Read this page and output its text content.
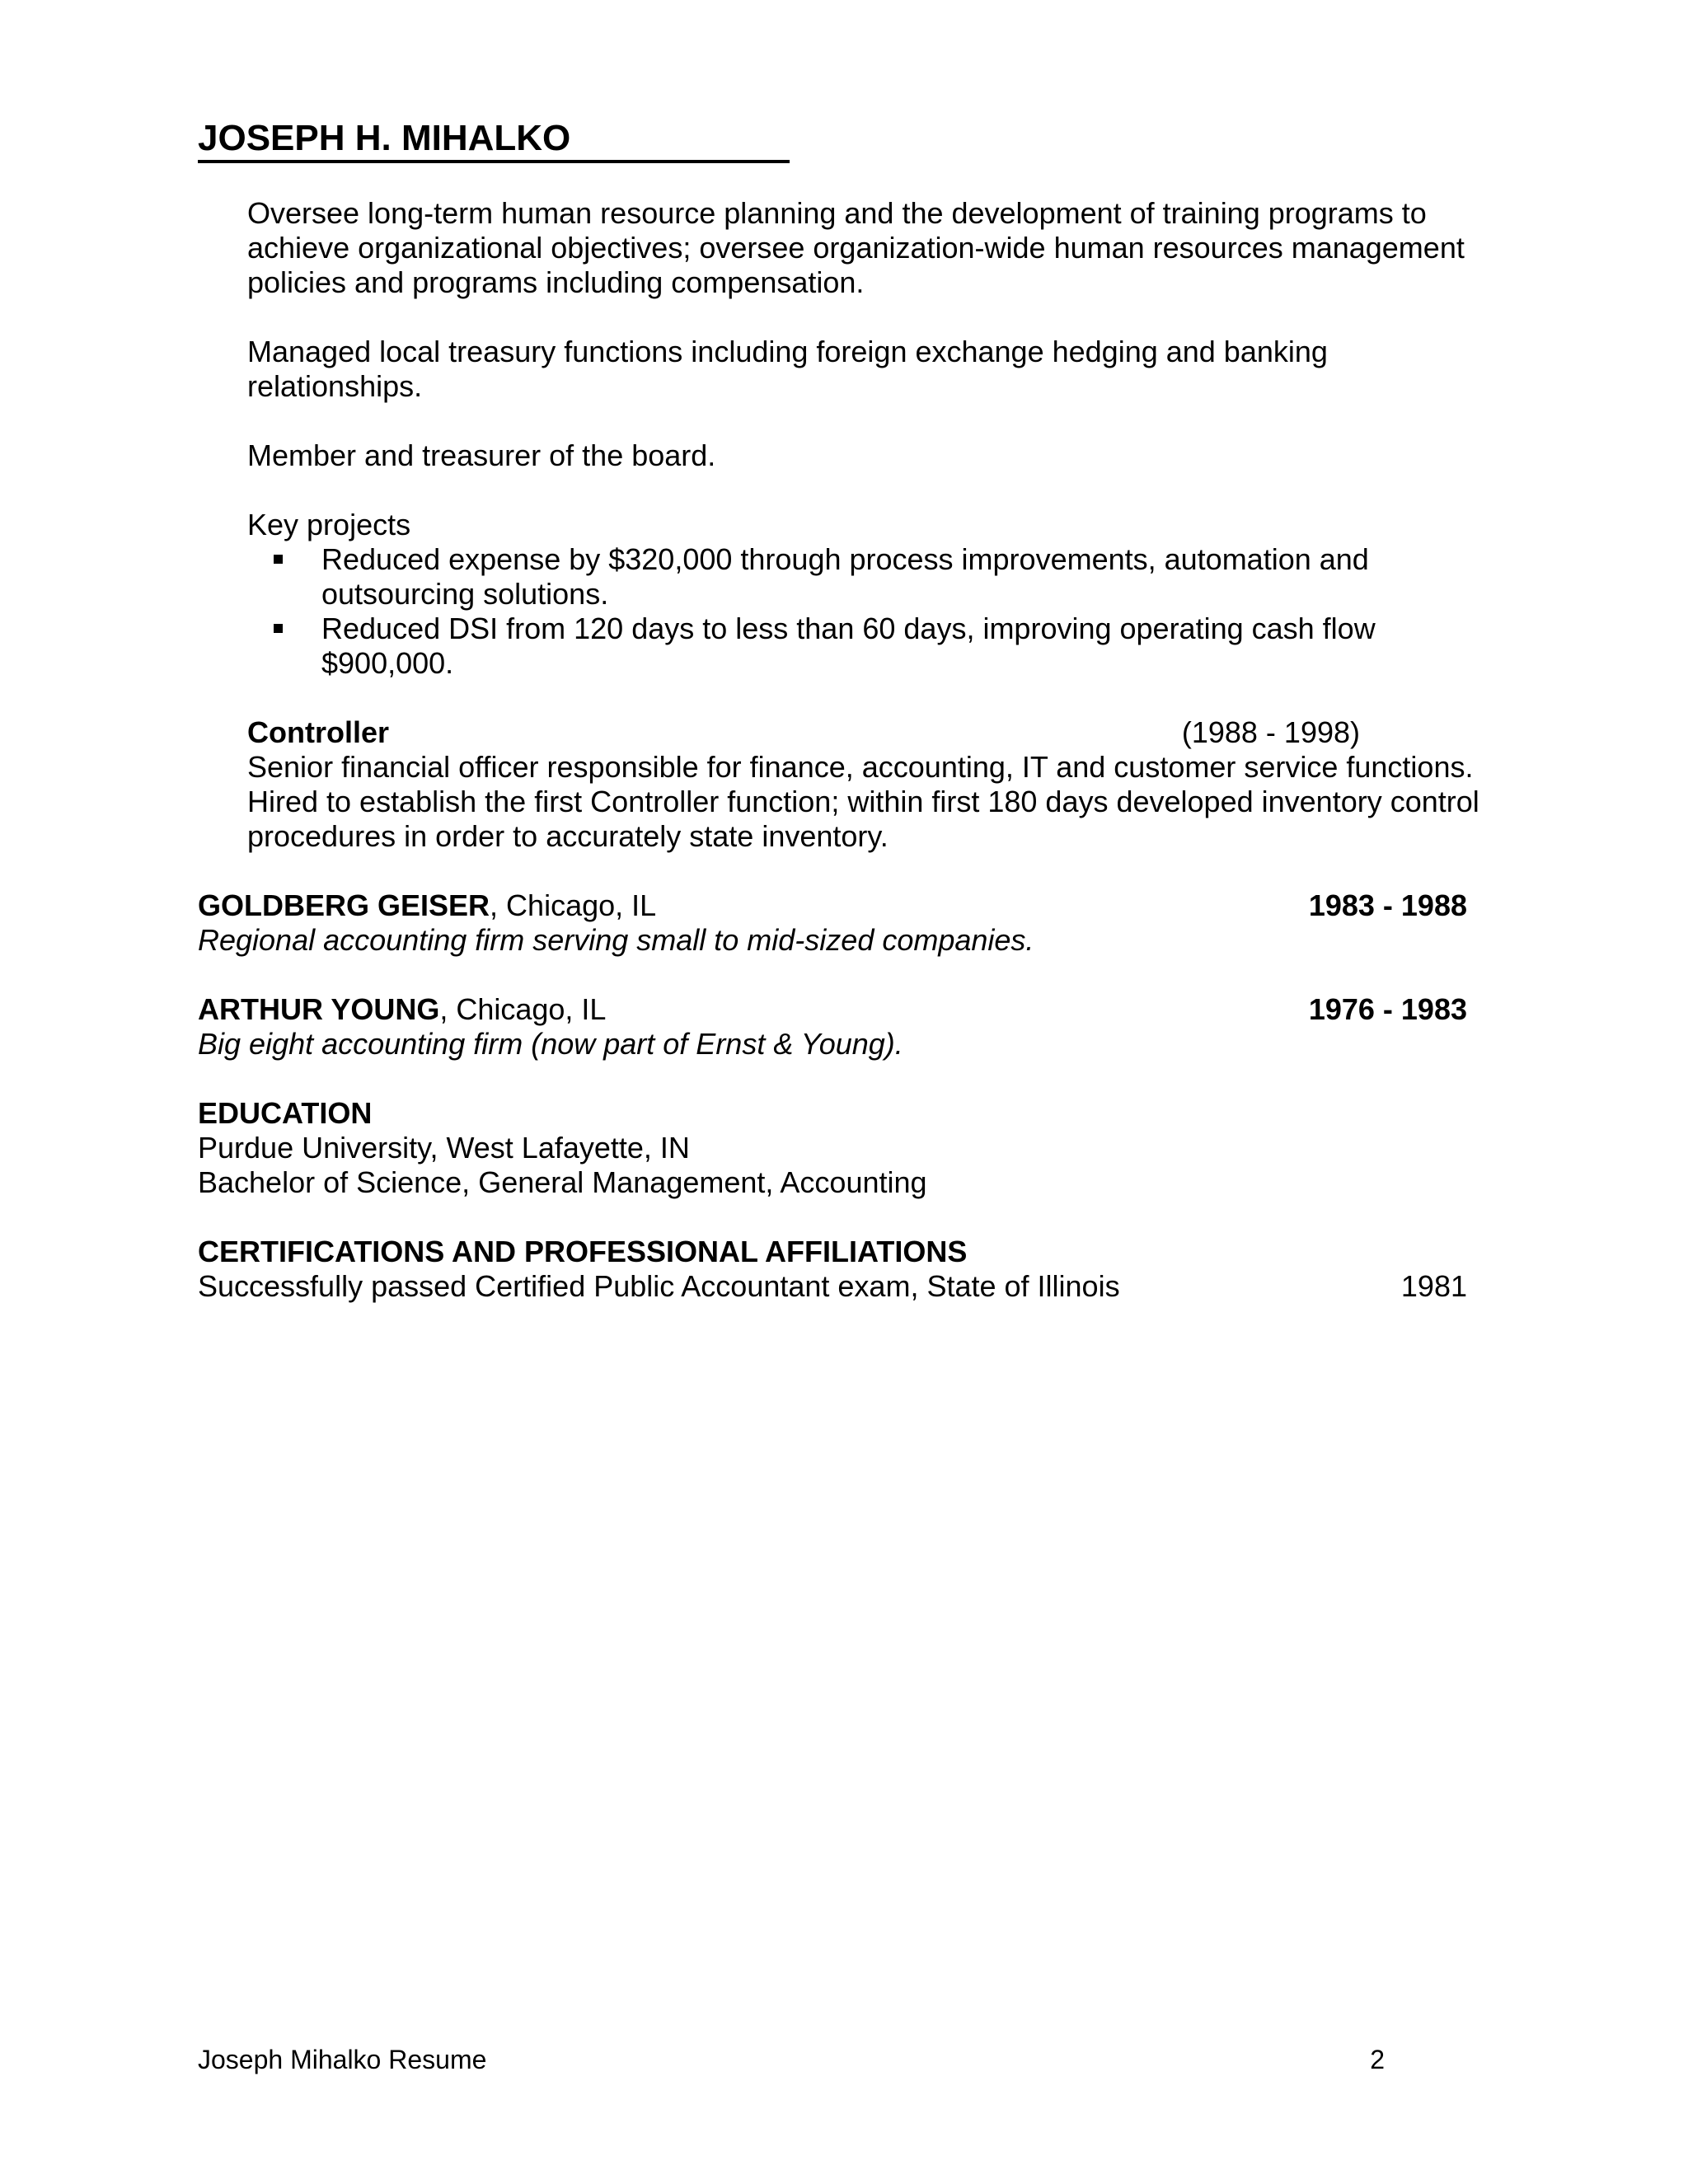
JOSEPH H. MIHALKO

Oversee long-term human resource planning and the development of training programs to achieve organizational objectives; oversee organization-wide human resources management policies and programs including compensation.

Managed local treasury functions including foreign exchange hedging and banking relationships.

Member and treasurer of the board.

Key projects
Reduced expense by $320,000 through process improvements, automation and outsourcing solutions.
Reduced DSI from 120 days to less than 60 days, improving operating cash flow $900,000.
Controller	(1988 - 1998)

Senior financial officer responsible for finance, accounting, IT and customer service functions. Hired to establish the first Controller function; within first 180 days developed inventory control procedures in order to accurately state inventory.

GOLDBERG GEISER, Chicago, IL	1983 - 1988
Regional accounting firm serving small to mid-sized companies.
ARTHUR YOUNG, Chicago, IL	1976 - 1983
Big eight accounting firm (now part of Ernst & Young).
EDUCATION
Purdue University, West Lafayette, IN
Bachelor of Science, General Management, Accounting
CERTIFICATIONS AND PROFESSIONAL AFFILIATIONS
Successfully passed Certified Public Accountant exam, State of Illinois	1981
Joseph Mihalko Resume	2
